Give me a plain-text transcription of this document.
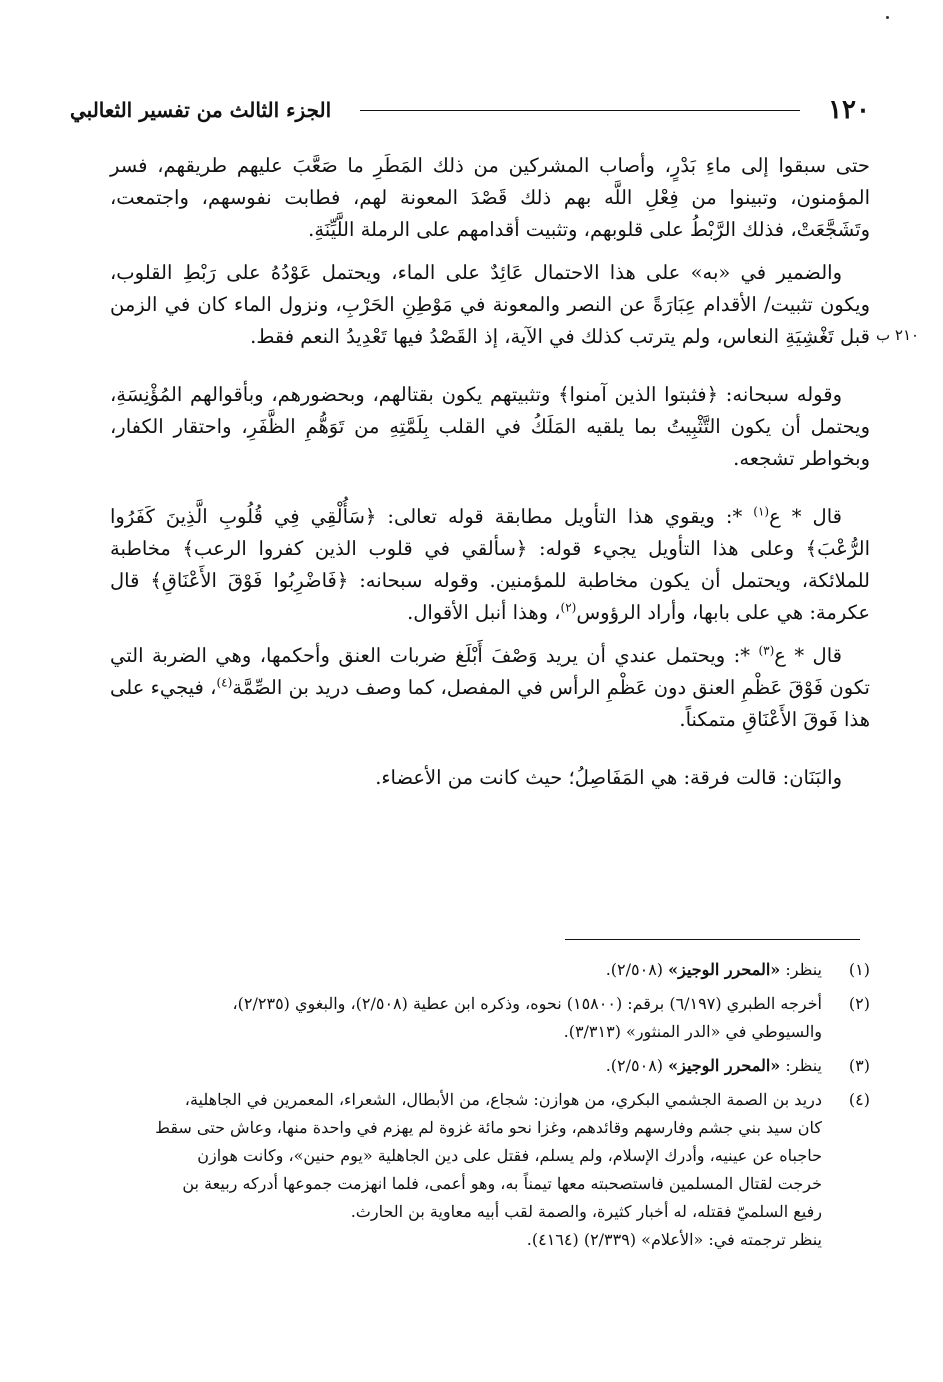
١٢٠
الجزء الثالث من تفسير الثعالبي
٢١٠ ب

حتى سبقوا إلى ماءِ بَدْرٍ، وأصاب المشركين من ذلك المَطَرِ ما صَعَّبَ عليهم طريقهم، فسر المؤمنون، وتبينوا من فِعْلِ اللَّه بهم ذلك قَصْدَ المعونة لهم، فطابت نفوسهم، واجتمعت، وتَشَجَّعَتْ، فذلك الرَّبْطُ على قلوبهم، وتثبيت أقدامهم على الرملة اللَّيِّنَةِ.

والضمير في «به» على هذا الاحتمال عَائِدٌ على الماء، ويحتمل عَوْدُهُ على رَبْطِ القلوب، ويكون تثبيت/ الأقدام عِبَارَةً عن النصر والمعونة في مَوْطِنِ الحَرْبِ، ونزول الماء كان في الزمن قبل تَغْشِيَةِ النعاس، ولم يترتب كذلك في الآية، إذ القَصْدُ فيها تَعْدِيدُ النعم فقط.

وقوله سبحانه: ﴿فثبتوا الذين آمنوا﴾ وتثبيتهم يكون بقتالهم، وبحضورهم، وبأقوالهم المُؤْنِسَةِ، ويحتمل أن يكون التَّثْبِيتُ بما يلقيه المَلَكُ في القلب بِلَمَّتِهِ من تَوَهُّمِ الظَّفَرِ، واحتقار الكفار، وبخواطر تشجعه.

قال * ع$^{(١)}$ *: ويقوي هذا التأويل مطابقة قوله تعالى: ﴿سَأُلْقِي فِي قُلُوبِ الَّذِينَ كَفَرُوا الرُّعْبَ﴾ وعلى هذا التأويل يجيء قوله: ﴿سألقي في قلوب الذين كفروا الرعب﴾ مخاطبة للملائكة، ويحتمل أن يكون مخاطبة للمؤمنين. وقوله سبحانه: ﴿فَاضْرِبُوا فَوْقَ الأَعْنَاقِ﴾ قال عكرمة: هي على بابها، وأراد الرؤوس$^{(٢)}$، وهذا أنبل الأقوال.

قال * ع$^{(٣)}$ *: ويحتمل عندي أن يريد وَصْفَ أَبْلَغ ضربات العنق وأحكمها، وهي الضربة التي تكون فَوْقَ عَظْمِ العنق دون عَظْمِ الرأس في المفصل، كما وصف دريد بن الصِّمَّة$^{(٤)}$، فيجيء على هذا فَوقَ الأَعْنَاقِ متمكناً.

والبَنَان: قالت فرقة: هي المَفَاصِلُ؛ حيث كانت من الأعضاء.

(١)
ينظر: «المحرر الوجيز» (٢/٥٠٨).
(٢)
أخرجه الطبري (٦/١٩٧) برقم: (١٥٨٠٠) نحوه، وذكره ابن عطية (٢/٥٠٨)، والبغوي (٢/٢٣٥)،
والسيوطي في «الدر المنثور» (٣/٣١٣).
(٣)
ينظر: «المحرر الوجيز» (٢/٥٠٨).
(٤)
دريد بن الصمة الجشمي البكري، من هوازن: شجاع، من الأبطال، الشعراء، المعمرين في الجاهلية،
كان سيد بني جشم وفارسهم وقائدهم، وغزا نحو مائة غزوة لم يهزم في واحدة منها، وعاش حتى سقط
حاجباه عن عينيه، وأدرك الإسلام، ولم يسلم، فقتل على دين الجاهلية «يوم حنين»، وكانت هوازن
خرجت لقتال المسلمين فاستصحبته معها تيمناً به، وهو أعمى، فلما انهزمت جموعها أدركه ربيعة بن
رفيع السلميّ فقتله، له أخبار كثيرة، والصمة لقب أبيه معاوية بن الحارث.
ينظر ترجمته في: «الأعلام» (٢/٣٣٩) (٤١٦٤).
